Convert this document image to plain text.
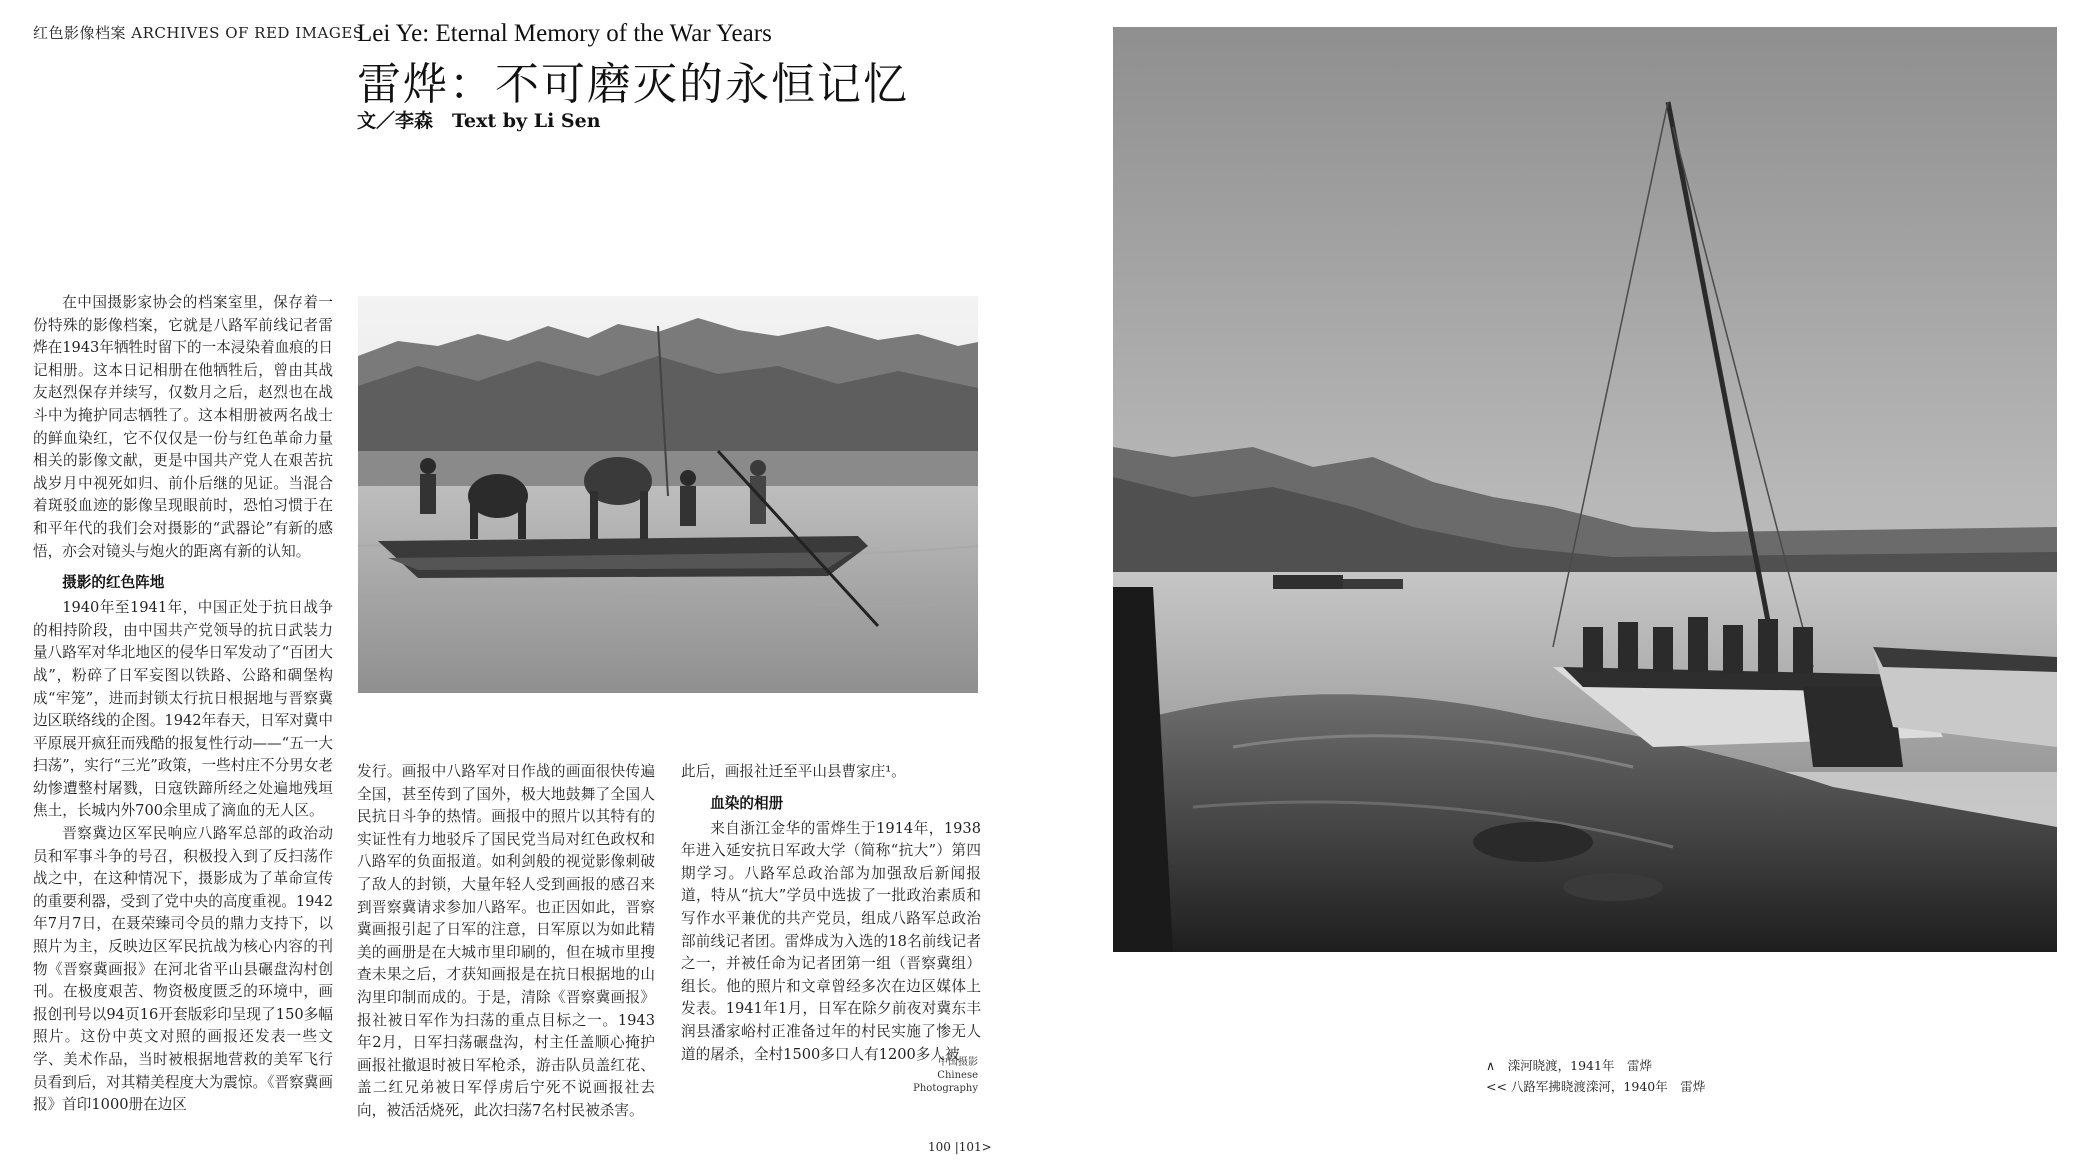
红色影像档案 ARCHIVES OF RED IMAGES
Lei Ye: Eternal Memory of the War Years
雷烨：不可磨灭的永恒记忆
文／李森　Text by Li Sen

在中国摄影家协会的档案室里，保存着一份特殊的影像档案，它就是八路军前线记者雷烨在1943年牺牲时留下的一本浸染着血痕的日记相册。这本日记相册在他牺牲后，曾由其战友赵烈保存并续写，仅数月之后，赵烈也在战斗中为掩护同志牺牲了。这本相册被两名战士的鲜血染红，它不仅仅是一份与红色革命力量相关的影像文献，更是中国共产党人在艰苦抗战岁月中视死如归、前仆后继的见证。当混合着斑驳血迹的影像呈现眼前时，恐怕习惯于在和平年代的我们会对摄影的“武器论”有新的感悟，亦会对镜头与炮火的距离有新的认知。

摄影的红色阵地

1940年至1941年，中国正处于抗日战争的相持阶段，由中国共产党领导的抗日武装力量八路军对华北地区的侵华日军发动了“百团大战”，粉碎了日军妄图以铁路、公路和碉堡构成“牢笼”，进而封锁太行抗日根据地与晋察冀边区联络线的企图。1942年春天，日军对冀中平原展开疯狂而残酷的报复性行动——“五一大扫荡”，实行“三光”政策，一些村庄不分男女老幼惨遭整村屠戮，日寇铁蹄所经之处遍地残垣焦土，长城内外700余里成了滴血的无人区。

晋察冀边区军民响应八路军总部的政治动员和军事斗争的号召，积极投入到了反扫荡作战之中，在这种情况下，摄影成为了革命宣传的重要利器，受到了党中央的高度重视。1942年7月7日，在聂荣臻司令员的鼎力支持下，以照片为主，反映边区军民抗战为核心内容的刊物《晋察冀画报》在河北省平山县碾盘沟村创刊。在极度艰苦、物资极度匮乏的环境中，画报创刊号以94页16开套版彩印呈现了150多幅照片。这份中英文对照的画报还发表一些文学、美术作品，当时被根据地营救的美军飞行员看到后，对其精美程度大为震惊。《晋察冀画报》首印1000册在边区

发行。画报中八路军对日作战的画面很快传遍全国，甚至传到了国外，极大地鼓舞了全国人民抗日斗争的热情。画报中的照片以其特有的实证性有力地驳斥了国民党当局对红色政权和八路军的负面报道。如利剑般的视觉影像刺破了敌人的封锁，大量年轻人受到画报的感召来到晋察冀请求参加八路军。也正因如此，晋察冀画报引起了日军的注意，日军原以为如此精美的画册是在大城市里印刷的，但在城市里搜查未果之后，才获知画报是在抗日根据地的山沟里印制而成的。于是，清除《晋察冀画报》报社被日军作为扫荡的重点目标之一。1943年2月，日军扫荡碾盘沟，村主任盖顺心掩护画报社撤退时被日军枪杀，游击队员盖红花、盖二红兄弟被日军俘虏后宁死不说画报社去向，被活活烧死，此次扫荡7名村民被杀害。

此后，画报社迁至平山县曹家庄¹。

血染的相册

来自浙江金华的雷烨生于1914年，1938年进入延安抗日军政大学（简称“抗大”）第四期学习。八路军总政治部为加强敌后新闻报道，特从“抗大”学员中选拔了一批政治素质和写作水平兼优的共产党员，组成八路军总政治部前线记者团。雷烨成为入选的18名前线记者之一，并被任命为记者团第一组（晋察冀组）组长。他的照片和文章曾经多次在边区媒体上发表。1941年1月，日军在除夕前夜对冀东丰润县潘家峪村正准备过年的村民实施了惨无人道的屠杀，全村1500多口人有1200多人被

中国摄影
Chinese
Photography
∧　滦河晓渡，1941年　雷烨
<< 八路军拂晓渡滦河，1940年　雷烨
100 |101>
